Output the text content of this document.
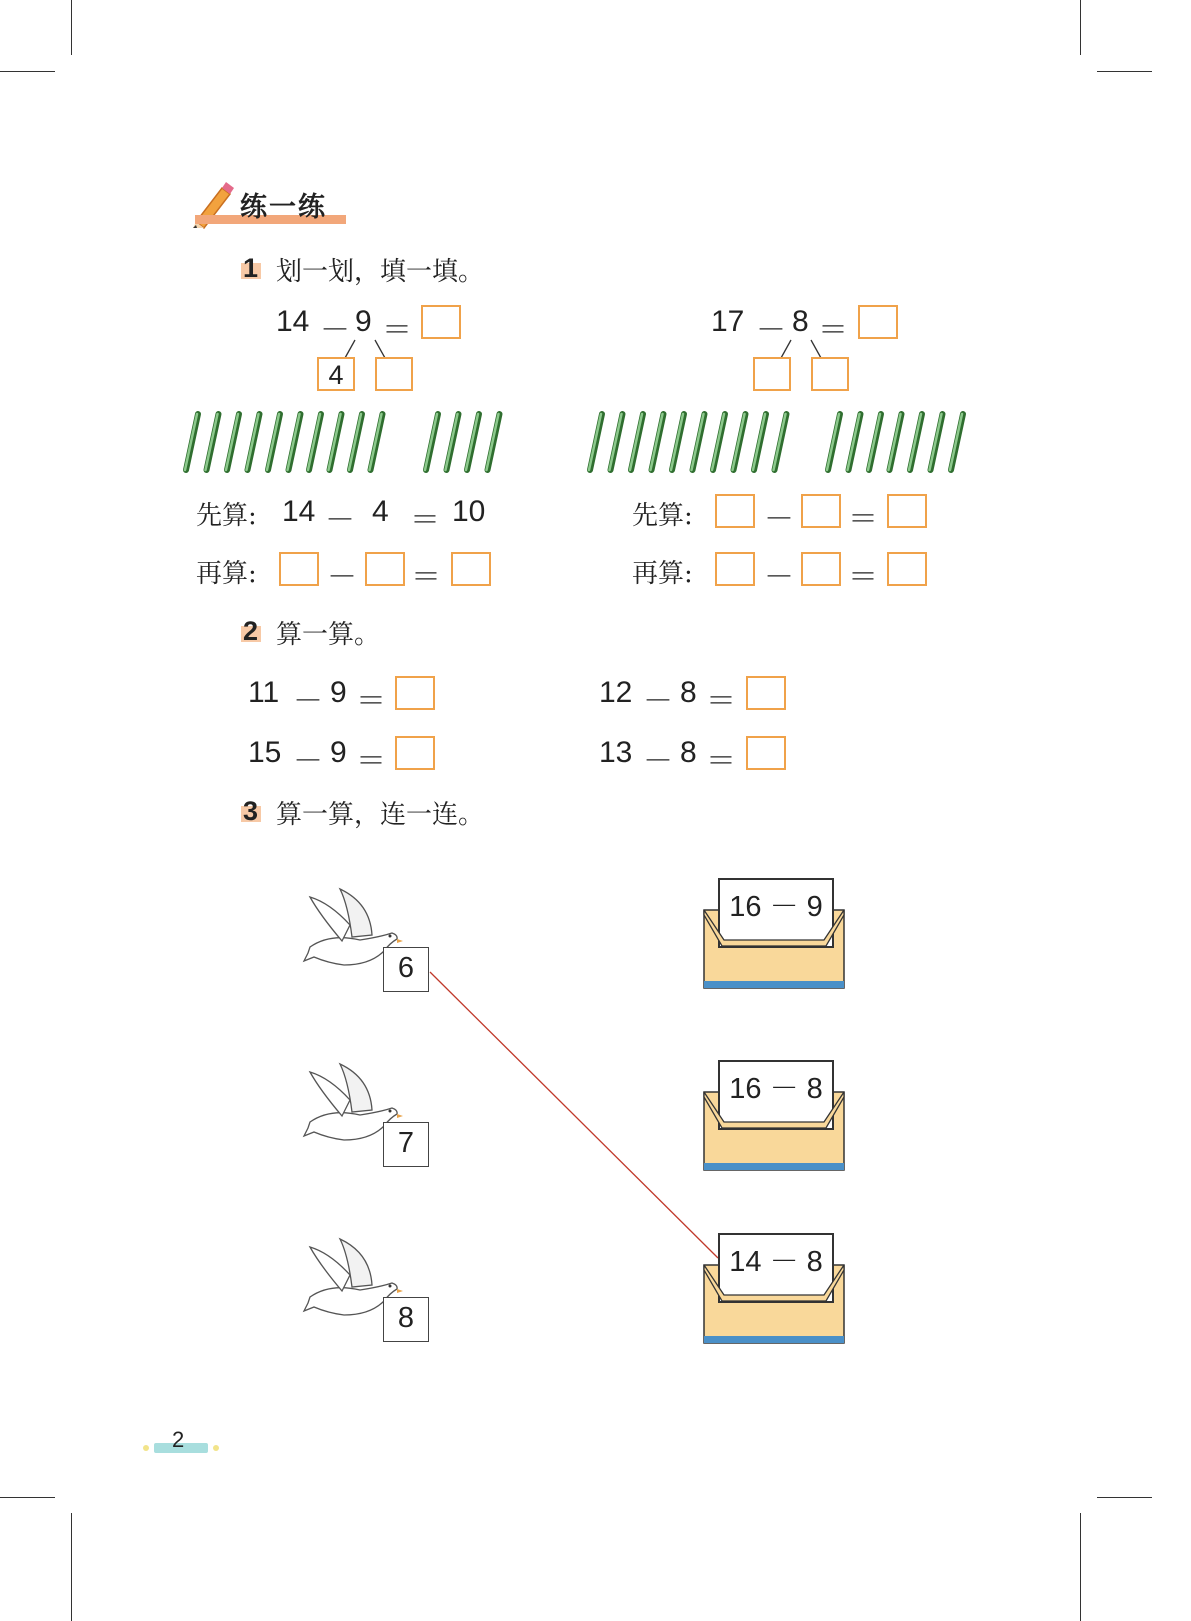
练一练
1 划一划，填一填。
14 － 9 ＝
4
17 － 8 ＝
先算: 14 － 4 ＝ 10
再算: － ＝
先算: － ＝
再算: － ＝
2 算一算。
11 － 9 ＝	12 － 8 ＝
15 － 9 ＝	13 － 8 ＝
3 算一算，连一连。
6
7
8
16 － 9
16 － 8
14 － 8
2
